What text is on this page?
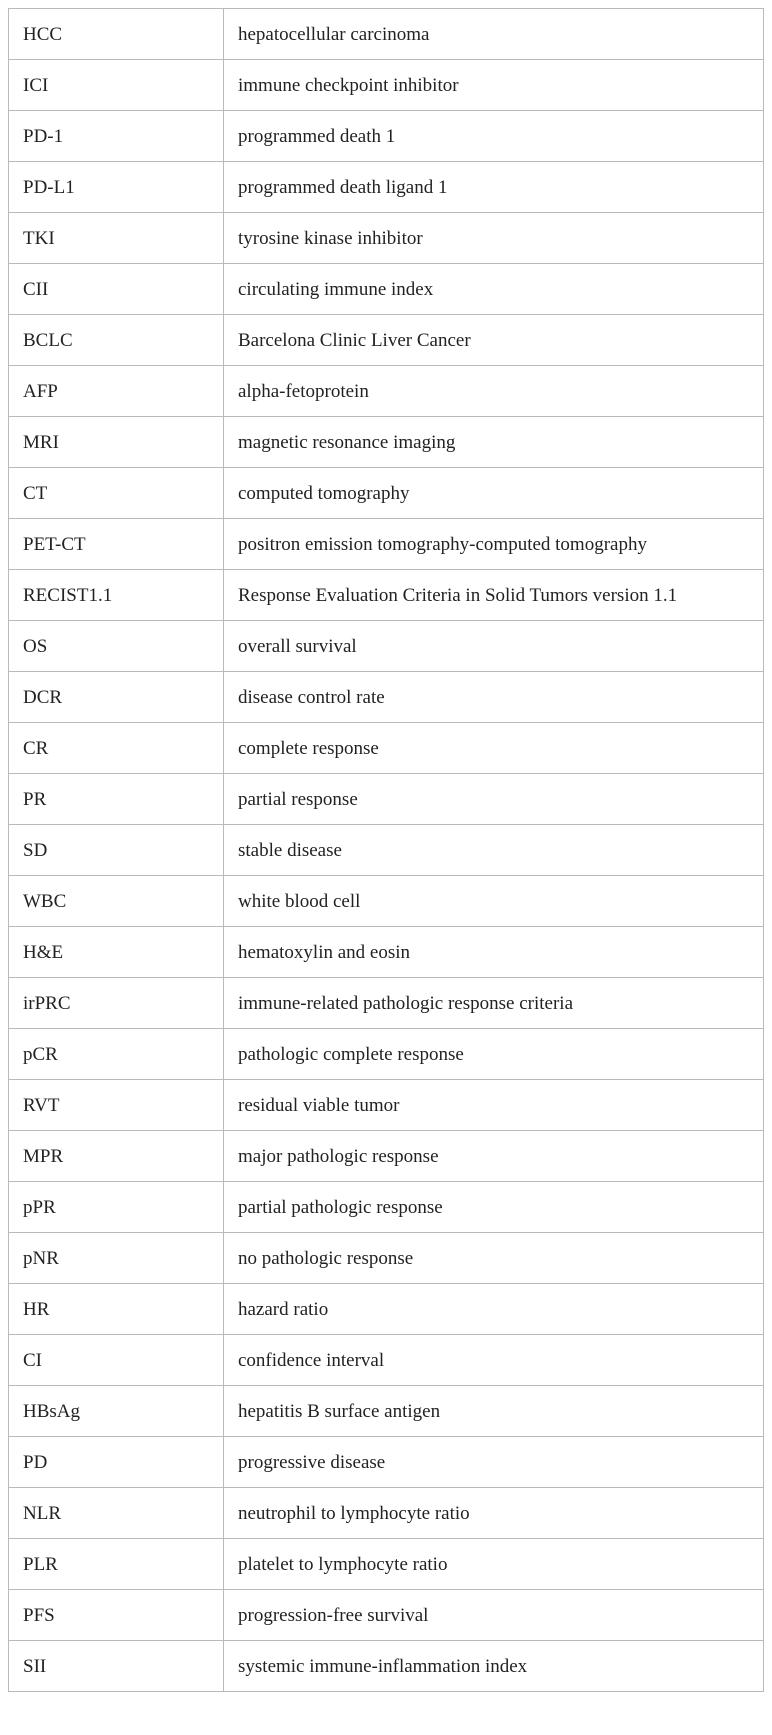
HCC	hepatocellular carcinoma
ICI	immune checkpoint inhibitor
PD-1	programmed death 1
PD-L1	programmed death ligand 1
TKI	tyrosine kinase inhibitor
CII	circulating immune index
BCLC	Barcelona Clinic Liver Cancer
AFP	alpha-fetoprotein
MRI	magnetic resonance imaging
CT	computed tomography
PET-CT	positron emission tomography-computed tomography
RECIST1.1	Response Evaluation Criteria in Solid Tumors version 1.1
OS	overall survival
DCR	disease control rate
CR	complete response
PR	partial response
SD	stable disease
WBC	white blood cell
H&E	hematoxylin and eosin
irPRC	immune-related pathologic response criteria
pCR	pathologic complete response
RVT	residual viable tumor
MPR	major pathologic response
pPR	partial pathologic response
pNR	no pathologic response
HR	hazard ratio
CI	confidence interval
HBsAg	hepatitis B surface antigen
PD	progressive disease
NLR	neutrophil to lymphocyte ratio
PLR	platelet to lymphocyte ratio
PFS	progression-free survival
SII	systemic immune-inflammation index
